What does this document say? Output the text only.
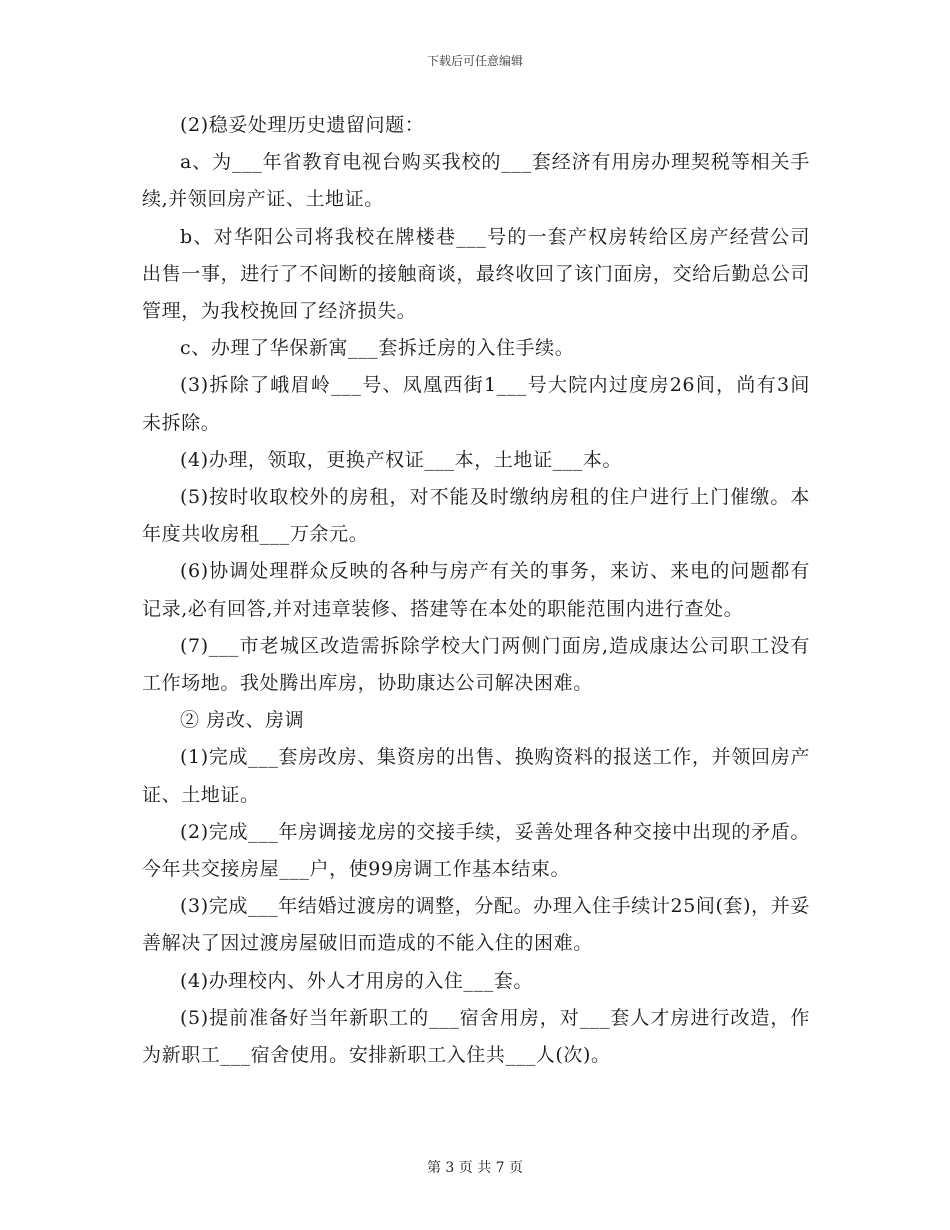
下载后可任意编辑

(2)稳妥处理历史遗留问题：

a、为___年省教育电视台购买我校的___套经济有用房办理契税等相关手续,并领回房产证、土地证。

b、对华阳公司将我校在牌楼巷___号的一套产权房转给区房产经营公司出售一事，进行了不间断的接触商谈，最终收回了该门面房，交给后勤总公司管理，为我校挽回了经济损失。

c、办理了华保新寓___套拆迁房的入住手续。

(3)拆除了峨眉岭___号、凤凰西街1___号大院内过度房26间，尚有3间未拆除。

(4)办理，领取，更换产权证___本，土地证___本。

(5)按时收取校外的房租，对不能及时缴纳房租的住户进行上门催缴。本年度共收房租___万余元。

(6)协调处理群众反映的各种与房产有关的事务，来访、来电的问题都有记录,必有回答,并对违章装修、搭建等在本处的职能范围内进行查处。

(7)___市老城区改造需拆除学校大门两侧门面房,造成康达公司职工没有工作场地。我处腾出库房，协助康达公司解决困难。

② 房改、房调

(1)完成___套房改房、集资房的出售、换购资料的报送工作，并领回房产证、土地证。

(2)完成___年房调接龙房的交接手续，妥善处理各种交接中出现的矛盾。今年共交接房屋___户，使99房调工作基本结束。

(3)完成___年结婚过渡房的调整，分配。办理入住手续计25间(套)，并妥善解决了因过渡房屋破旧而造成的不能入住的困难。

(4)办理校内、外人才用房的入住___套。

(5)提前准备好当年新职工的___宿舍用房，对___套人才房进行改造，作为新职工___宿舍使用。安排新职工入住共___人(次)。

第 3 页 共 7 页
